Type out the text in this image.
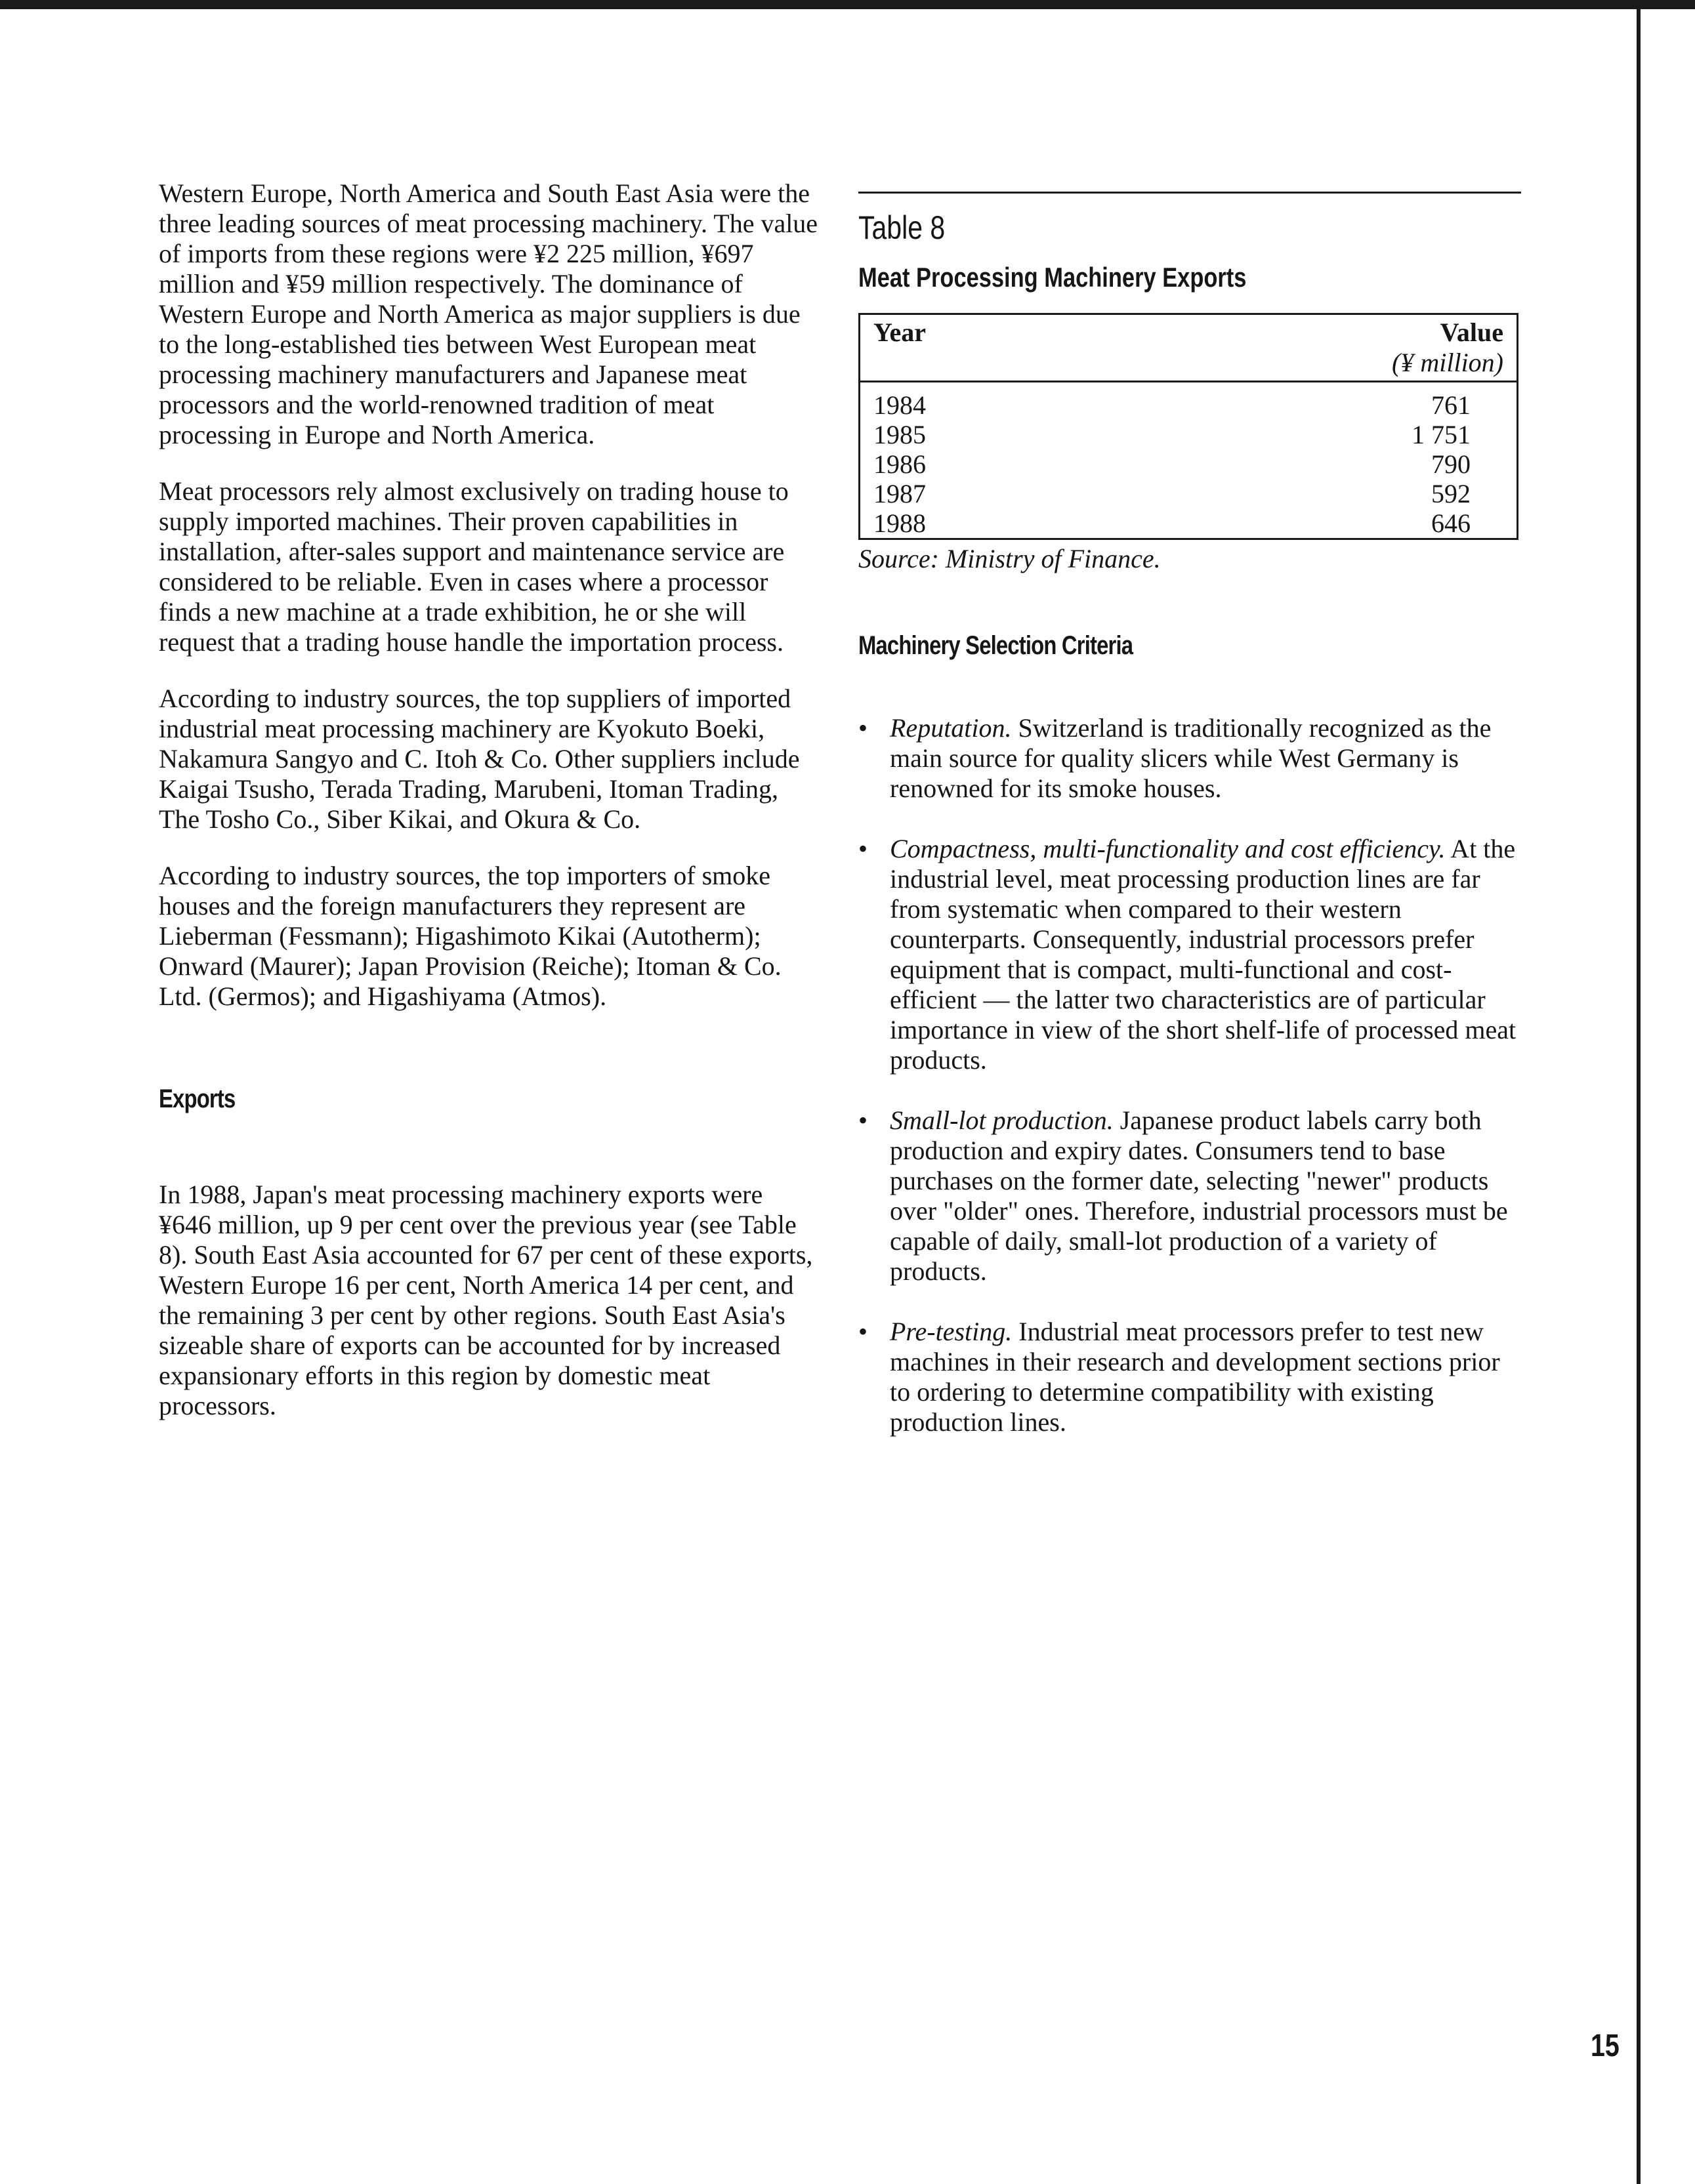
Western Europe, North America and South East Asia were the three leading sources of meat processing machinery. The value of imports from these regions were ¥2 225 million, ¥697 million and ¥59 million respectively. The dominance of Western Europe and North America as major suppliers is due to the long-established ties between West European meat processing machinery manufacturers and Japanese meat processors and the world-renowned tradition of meat processing in Europe and North America.

Meat processors rely almost exclusively on trading house to supply imported machines. Their proven capabilities in installation, after-sales support and maintenance service are considered to be reliable. Even in cases where a processor finds a new machine at a trade exhibition, he or she will request that a trading house handle the importation process.

According to industry sources, the top suppliers of imported industrial meat processing machinery are Kyokuto Boeki, Nakamura Sangyo and C. Itoh & Co. Other suppliers include Kaigai Tsusho, Terada Trading, Marubeni, Itoman Trading, The Tosho Co., Siber Kikai, and Okura & Co.

According to industry sources, the top importers of smoke houses and the foreign manufacturers they represent are Lieberman (Fessmann); Higashimoto Kikai (Autotherm); Onward (Maurer); Japan Provision (Reiche); Itoman & Co. Ltd. (Germos); and Higashiyama (Atmos).

Exports

In 1988, Japan's meat processing machinery exports were ¥646 million, up 9 per cent over the previous year (see Table 8). South East Asia accounted for 67 per cent of these exports, Western Europe 16 per cent, North America 14 per cent, and the remaining 3 per cent by other regions. South East Asia's sizeable share of exports can be accounted for by increased expansionary efforts in this region by domestic meat processors.

Table 8
Meat Processing Machinery Exports
Year	Value
(¥ million)

1984	761
1985	1 751
1986	790
1987	592
1988	646
Source: Ministry of Finance.
Machinery Selection Criteria
• Reputation. Switzerland is traditionally recognized as the main source for quality slicers while West Germany is renowned for its smoke houses.
• Compactness, multi-functionality and cost efficiency. At the industrial level, meat processing production lines are far from systematic when compared to their western counterparts. Consequently, industrial processors prefer equipment that is compact, multi-functional and cost-efficient — the latter two characteristics are of particular importance in view of the short shelf-life of processed meat products.
• Small-lot production. Japanese product labels carry both production and expiry dates. Consumers tend to base purchases on the former date, selecting "newer" products over "older" ones. Therefore, industrial processors must be capable of daily, small-lot production of a variety of products.
• Pre-testing. Industrial meat processors prefer to test new machines in their research and development sections prior to ordering to determine compatibility with existing production lines.
15
